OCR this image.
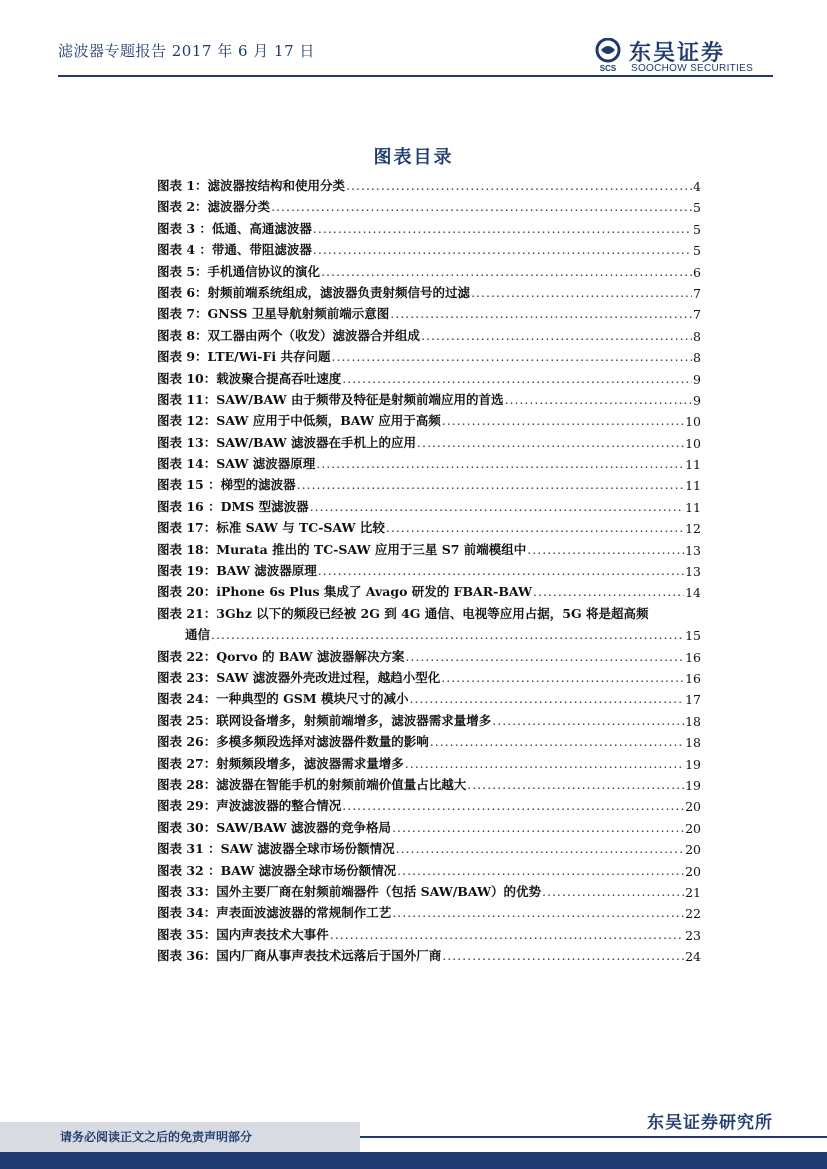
滤波器专题报告 2017 年 6 月 17 日
SCS
东吴证券
SOOCHOW SECURITIES
图表目录
图表 1：滤波器按结构和使用分类 .....	4
图表 2：滤波器分类 .....	5
图表 3 ：低通、高通滤波器 .....	5
图表 4 ：带通、带阻滤波器 .....	5
图表 5：手机通信协议的演化 .....	6
图表 6：射频前端系统组成，滤波器负责射频信号的过滤 .....	7
图表 7：GNSS 卫星导航射频前端示意图 .....	7
图表 8：双工器由两个（收发）滤波器合并组成 .....	8
图表 9：LTE/Wi-Fi 共存问题 .....	8
图表 10：载波聚合提高吞吐速度 .....	9
图表 11：SAW/BAW 由于频带及特征是射频前端应用的首选 .....	9
图表 12：SAW 应用于中低频，BAW 应用于高频 .....	10
图表 13：SAW/BAW 滤波器在手机上的应用 .....	10
图表 14：SAW 滤波器原理 .....	11
图表 15 ：梯型的滤波器 .....	11
图表 16 ：DMS 型滤波器 .....	11
图表 17：标准 SAW 与 TC-SAW 比较 .....	12
图表 18：Murata 推出的 TC-SAW 应用于三星 S7 前端模组中 .....	13
图表 19：BAW 滤波器原理 .....	13
图表 20：iPhone 6s Plus 集成了 Avago 研发的 FBAR-BAW .....	14
图表 21：3Ghz 以下的频段已经被 2G 到 4G 通信、电视等应用占据，5G 将是超高频
通信 .....	15
图表 22：Qorvo 的 BAW 滤波器解决方案 .....	16
图表 23：SAW 滤波器外壳改进过程，越趋小型化 .....	16
图表 24：一种典型的 GSM 模块尺寸的减小 .....	17
图表 25：联网设备增多，射频前端增多，滤波器需求量增多 .....	18
图表 26：多模多频段选择对滤波器件数量的影响 .....	18
图表 27：射频频段增多，滤波器需求量增多 .....	19
图表 28：滤波器在智能手机的射频前端价值量占比越大 .....	19
图表 29：声波滤波器的整合情况 .....	20
图表 30：SAW/BAW 滤波器的竞争格局 .....	20
图表 31 ：SAW 滤波器全球市场份额情况 .....	20
图表 32 ：BAW 滤波器全球市场份额情况 .....	20
图表 33：国外主要厂商在射频前端器件（包括 SAW/BAW）的优势 .....	21
图表 34：声表面波滤波器的常规制作工艺 .....	22
图表 35：国内声表技术大事件 .....	23
图表 36：国内厂商从事声表技术远落后于国外厂商 .....	24
请务必阅读正文之后的免责声明部分
东吴证券研究所
